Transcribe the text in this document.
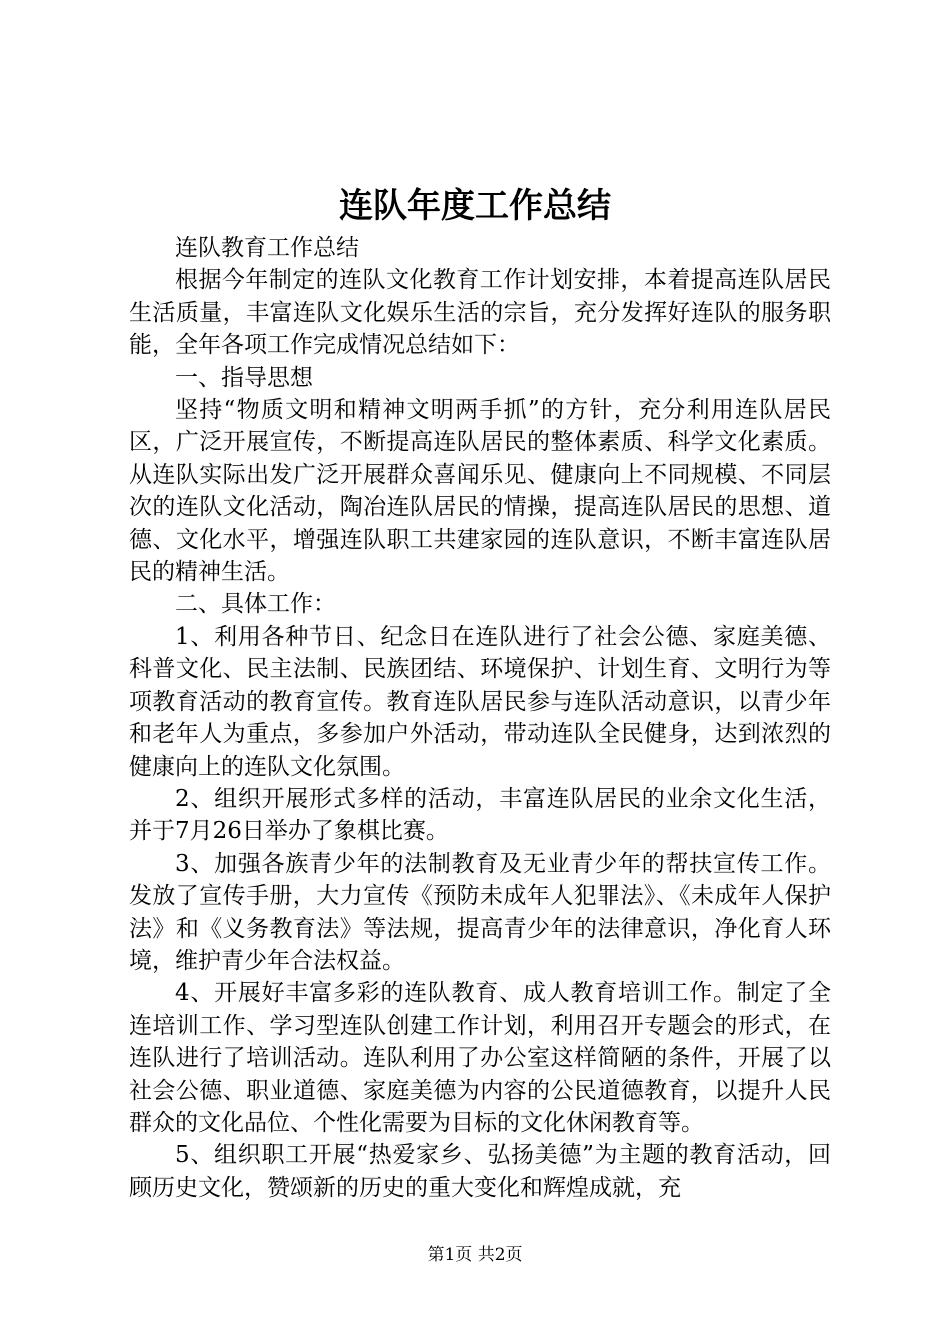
连队年度工作总结

连队教育工作总结

根据今年制定的连队文化教育工作计划安排，本着提高连队居民生活质量，丰富连队文化娱乐生活的宗旨，充分发挥好连队的服务职能，全年各项工作完成情况总结如下：

一、指导思想

坚持“物质文明和精神文明两手抓”的方针，充分利用连队居民区，广泛开展宣传，不断提高连队居民的整体素质、科学文化素质。从连队实际出发广泛开展群众喜闻乐见、健康向上不同规模、不同层次的连队文化活动，陶冶连队居民的情操，提高连队居民的思想、道德、文化水平，增强连队职工共建家园的连队意识，不断丰富连队居民的精神生活。

二、具体工作：

1、利用各种节日、纪念日在连队进行了社会公德、家庭美德、科普文化、民主法制、民族团结、环境保护、计划生育、文明行为等项教育活动的教育宣传。教育连队居民参与连队活动意识，以青少年和老年人为重点，多参加户外活动，带动连队全民健身，达到浓烈的健康向上的连队文化氛围。

2、组织开展形式多样的活动，丰富连队居民的业余文化生活，并于7月26日举办了象棋比赛。

3、加强各族青少年的法制教育及无业青少年的帮扶宣传工作。发放了宣传手册，大力宣传《预防未成年人犯罪法》、《未成年人保护法》和《义务教育法》等法规，提高青少年的法律意识，净化育人环境，维护青少年合法权益。

4、开展好丰富多彩的连队教育、成人教育培训工作。制定了全连培训工作、学习型连队创建工作计划，利用召开专题会的形式，在连队进行了培训活动。连队利用了办公室这样简陋的条件，开展了以社会公德、职业道德、家庭美德为内容的公民道德教育，以提升人民群众的文化品位、个性化需要为目标的文化休闲教育等。

5、组织职工开展“热爱家乡、弘扬美德”为主题的教育活动，回顾历史文化，赞颂新的历史的重大变化和辉煌成就，充

第1页 共2页
